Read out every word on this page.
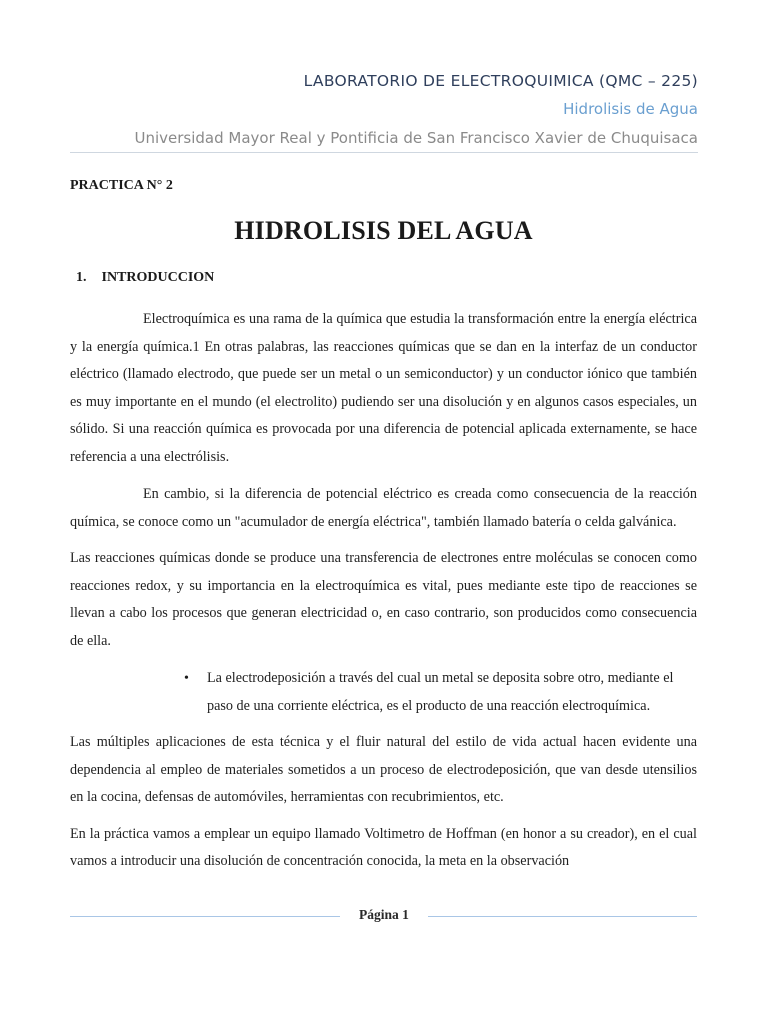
LABORATORIO DE ELECTROQUIMICA (QMC – 225)
Hidrolisis de Agua
Universidad Mayor Real y Pontificia de San Francisco Xavier de Chuquisaca
PRACTICA N° 2
HIDROLISIS DEL AGUA
1. INTRODUCCION

Electroquímica es una rama de la química que estudia la transformación entre la energía eléctrica y la energía química.1 En otras palabras, las reacciones químicas que se dan en la interfaz de un conductor eléctrico (llamado electrodo, que puede ser un metal o un semiconductor) y un conductor iónico que también es muy importante en el mundo (el electrolito) pudiendo ser una disolución y en algunos casos especiales, un sólido. Si una reacción química es provocada por una diferencia de potencial aplicada externamente, se hace referencia a una electrólisis.

En cambio, si la diferencia de potencial eléctrico es creada como consecuencia de la reacción química, se conoce como un "acumulador de energía eléctrica", también llamado batería o celda galvánica.

Las reacciones químicas donde se produce una transferencia de electrones entre moléculas se conocen como reacciones redox, y su importancia en la electroquímica es vital, pues mediante este tipo de reacciones se llevan a cabo los procesos que generan electricidad o, en caso contrario, son producidos como consecuencia de ella.

• La electrodeposición a través del cual un metal se deposita sobre otro, mediante el paso de una corriente eléctrica, es el producto de una reacción electroquímica.

Las múltiples aplicaciones de esta técnica y el fluir natural del estilo de vida actual hacen evidente una dependencia al empleo de materiales sometidos a un proceso de electrodeposición, que van desde utensilios en la cocina, defensas de automóviles, herramientas con recubrimientos, etc.

En la práctica vamos a emplear un equipo llamado Voltimetro de Hoffman (en honor a su creador), en el cual vamos a introducir una disolución de concentración conocida, la meta en la observación

Página 1
